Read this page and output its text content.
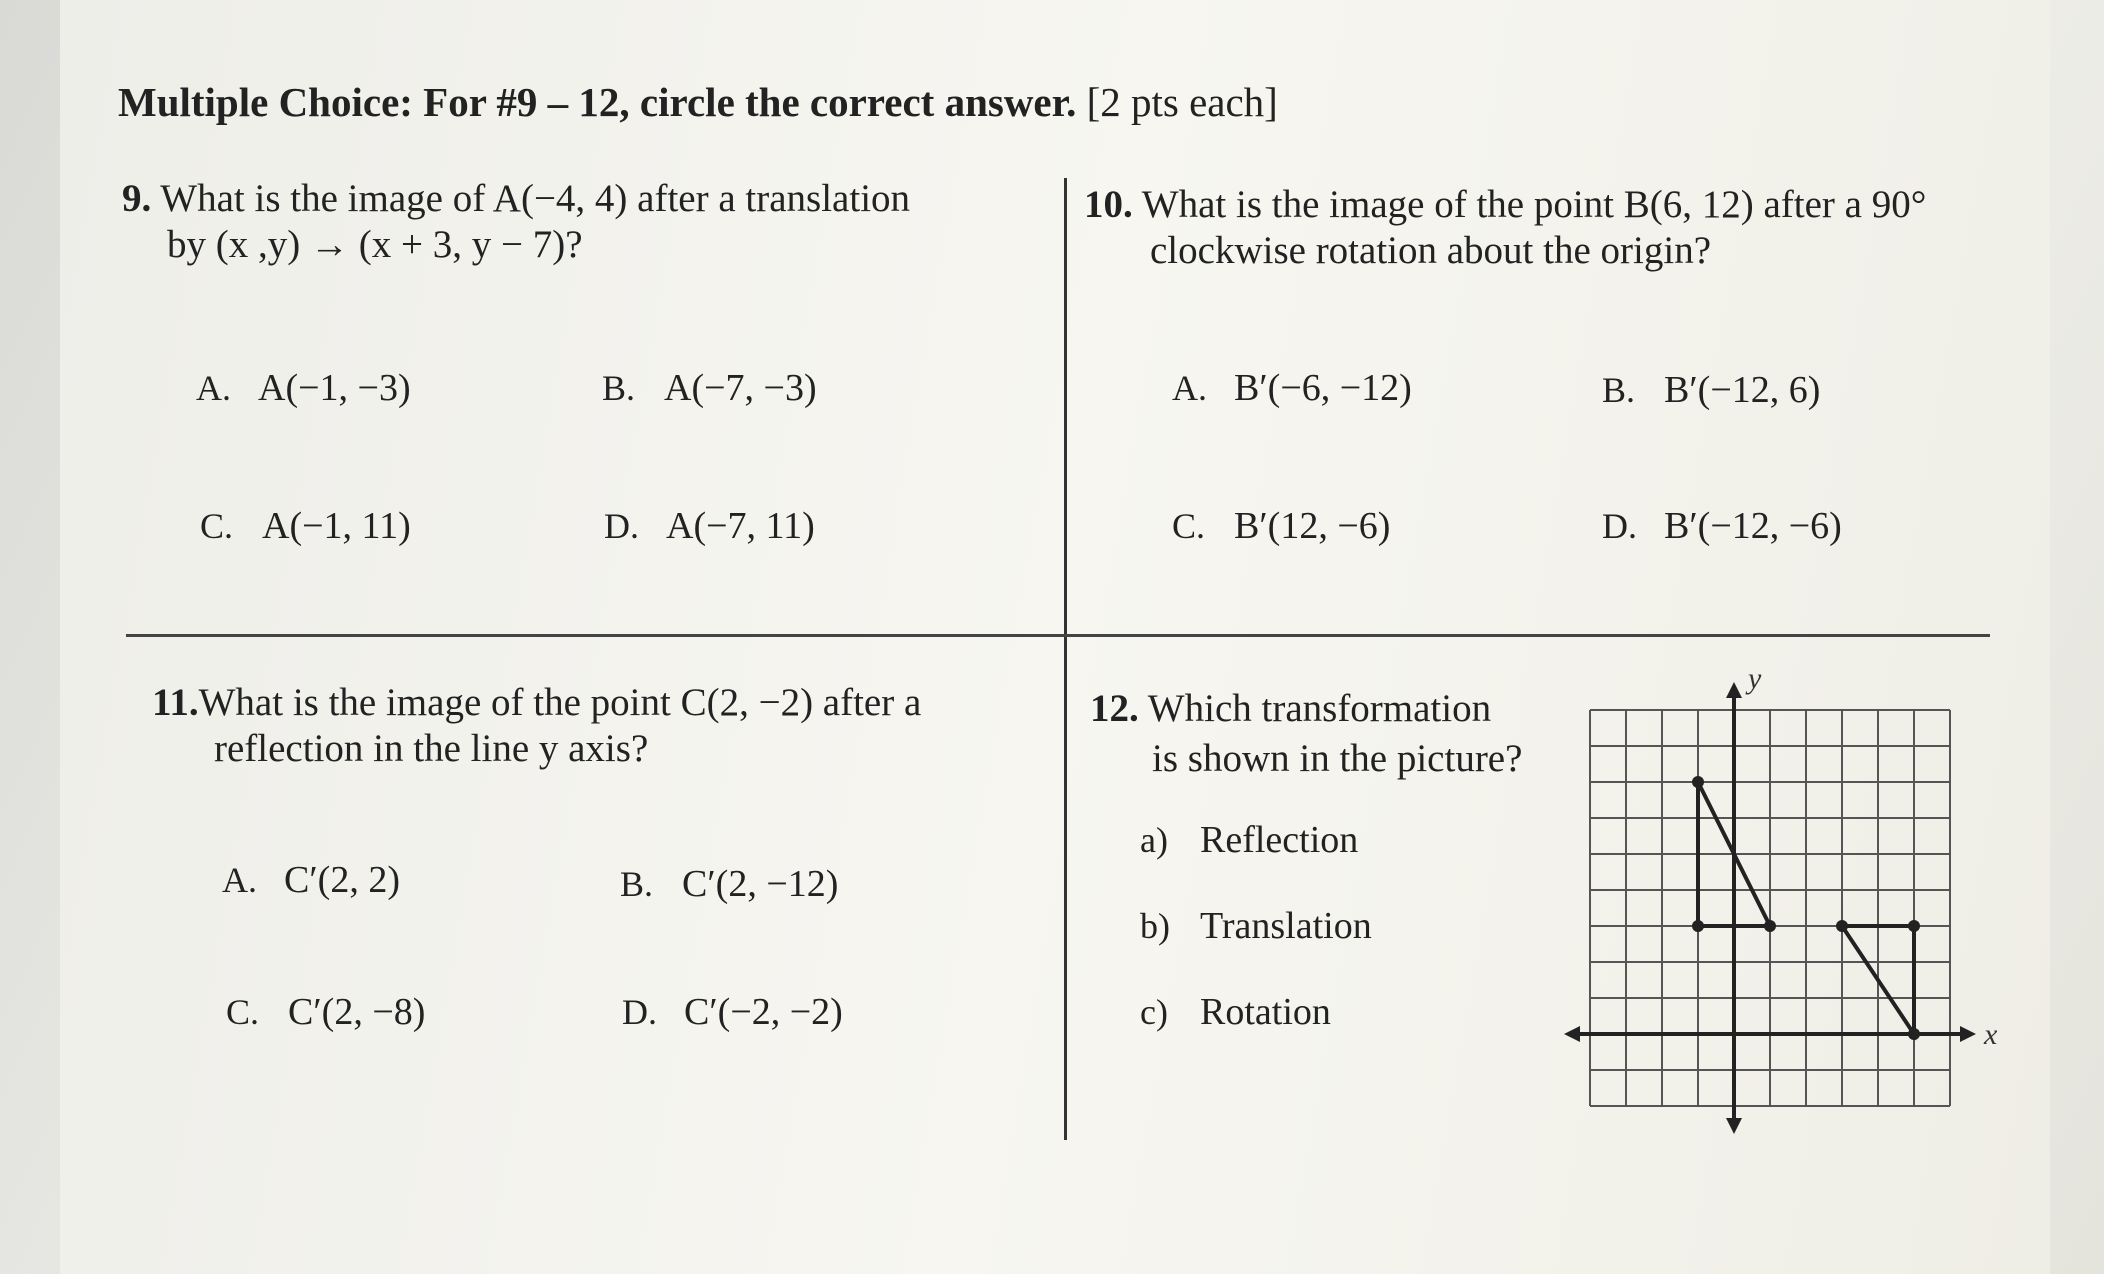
Multiple Choice: For #9 – 12, circle the correct answer. [2 pts each]
9. What is the image of A(−4, 4) after a translation
by (x ,y) → (x + 3, y − 7)?
A. A(−1, −3)	B. A(−7, −3)
C. A(−1, 11)	D. A(−7, 11)
10. What is the image of the point B(6, 12) after a 90°
clockwise rotation about the origin?
A. B′(−6, −12)	B. B′(−12, 6)
C. B′(12, −6)	D. B′(−12, −6)
11.What is the image of the point C(2, −2) after a
reflection in the line y axis?
A. C′(2, 2)	B. C′(2, −12)
C. C′(2, −8)	D. C′(−2, −2)
12. Which transformation
is shown in the picture?
a) Reflection
b) Translation
c) Rotation
x
y
